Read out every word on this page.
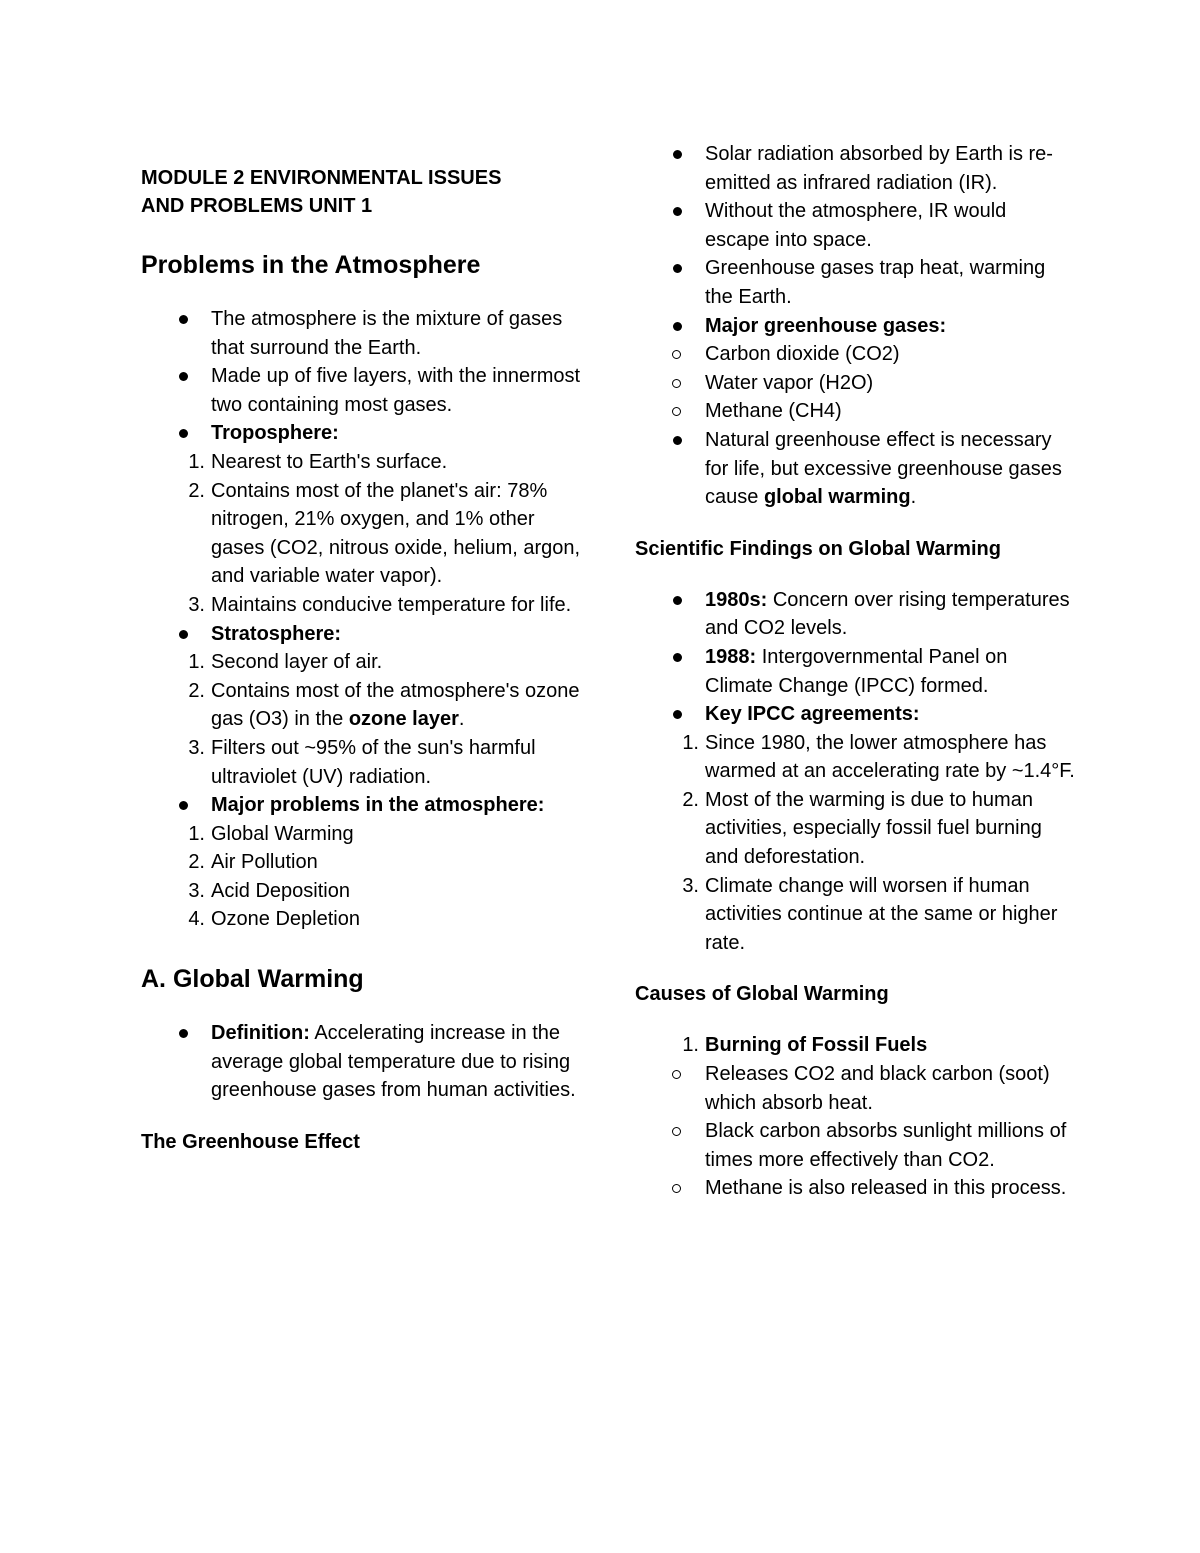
MODULE 2 ENVIRONMENTAL ISSUES
AND PROBLEMS UNIT 1

Problems in the Atmosphere
The atmosphere is the mixture of gases that surround the Earth.
Made up of five layers, with the innermost two containing most gases.
Troposphere:
1. Nearest to Earth's surface.
2. Contains most of the planet's air: 78% nitrogen, 21% oxygen, and 1% other gases (CO2, nitrous oxide, helium, argon, and variable water vapor).
3. Maintains conducive temperature for life.
Stratosphere:
1. Second layer of air.
2. Contains most of the atmosphere's ozone gas (O3) in the ozone layer.
3. Filters out ~95% of the sun's harmful ultraviolet (UV) radiation.
Major problems in the atmosphere:
1. Global Warming
2. Air Pollution
3. Acid Deposition
4. Ozone Depletion
A. Global Warming
Definition: Accelerating increase in the average global temperature due to rising greenhouse gases from human activities.
The Greenhouse Effect
Solar radiation absorbed by Earth is re-emitted as infrared radiation (IR).
Without the atmosphere, IR would escape into space.
Greenhouse gases trap heat, warming the Earth.
Major greenhouse gases:
Carbon dioxide (CO2)
Water vapor (H2O)
Methane (CH4)
Natural greenhouse effect is necessary for life, but excessive greenhouse gases cause global warming.
Scientific Findings on Global Warming
1980s: Concern over rising temperatures and CO2 levels.
1988: Intergovernmental Panel on Climate Change (IPCC) formed.
Key IPCC agreements:
1. Since 1980, the lower atmosphere has warmed at an accelerating rate by ~1.4°F.
2. Most of the warming is due to human activities, especially fossil fuel burning and deforestation.
3. Climate change will worsen if human activities continue at the same or higher rate.
Causes of Global Warming
1. Burning of Fossil Fuels
Releases CO2 and black carbon (soot) which absorb heat.
Black carbon absorbs sunlight millions of times more effectively than CO2.
Methane is also released in this process.
